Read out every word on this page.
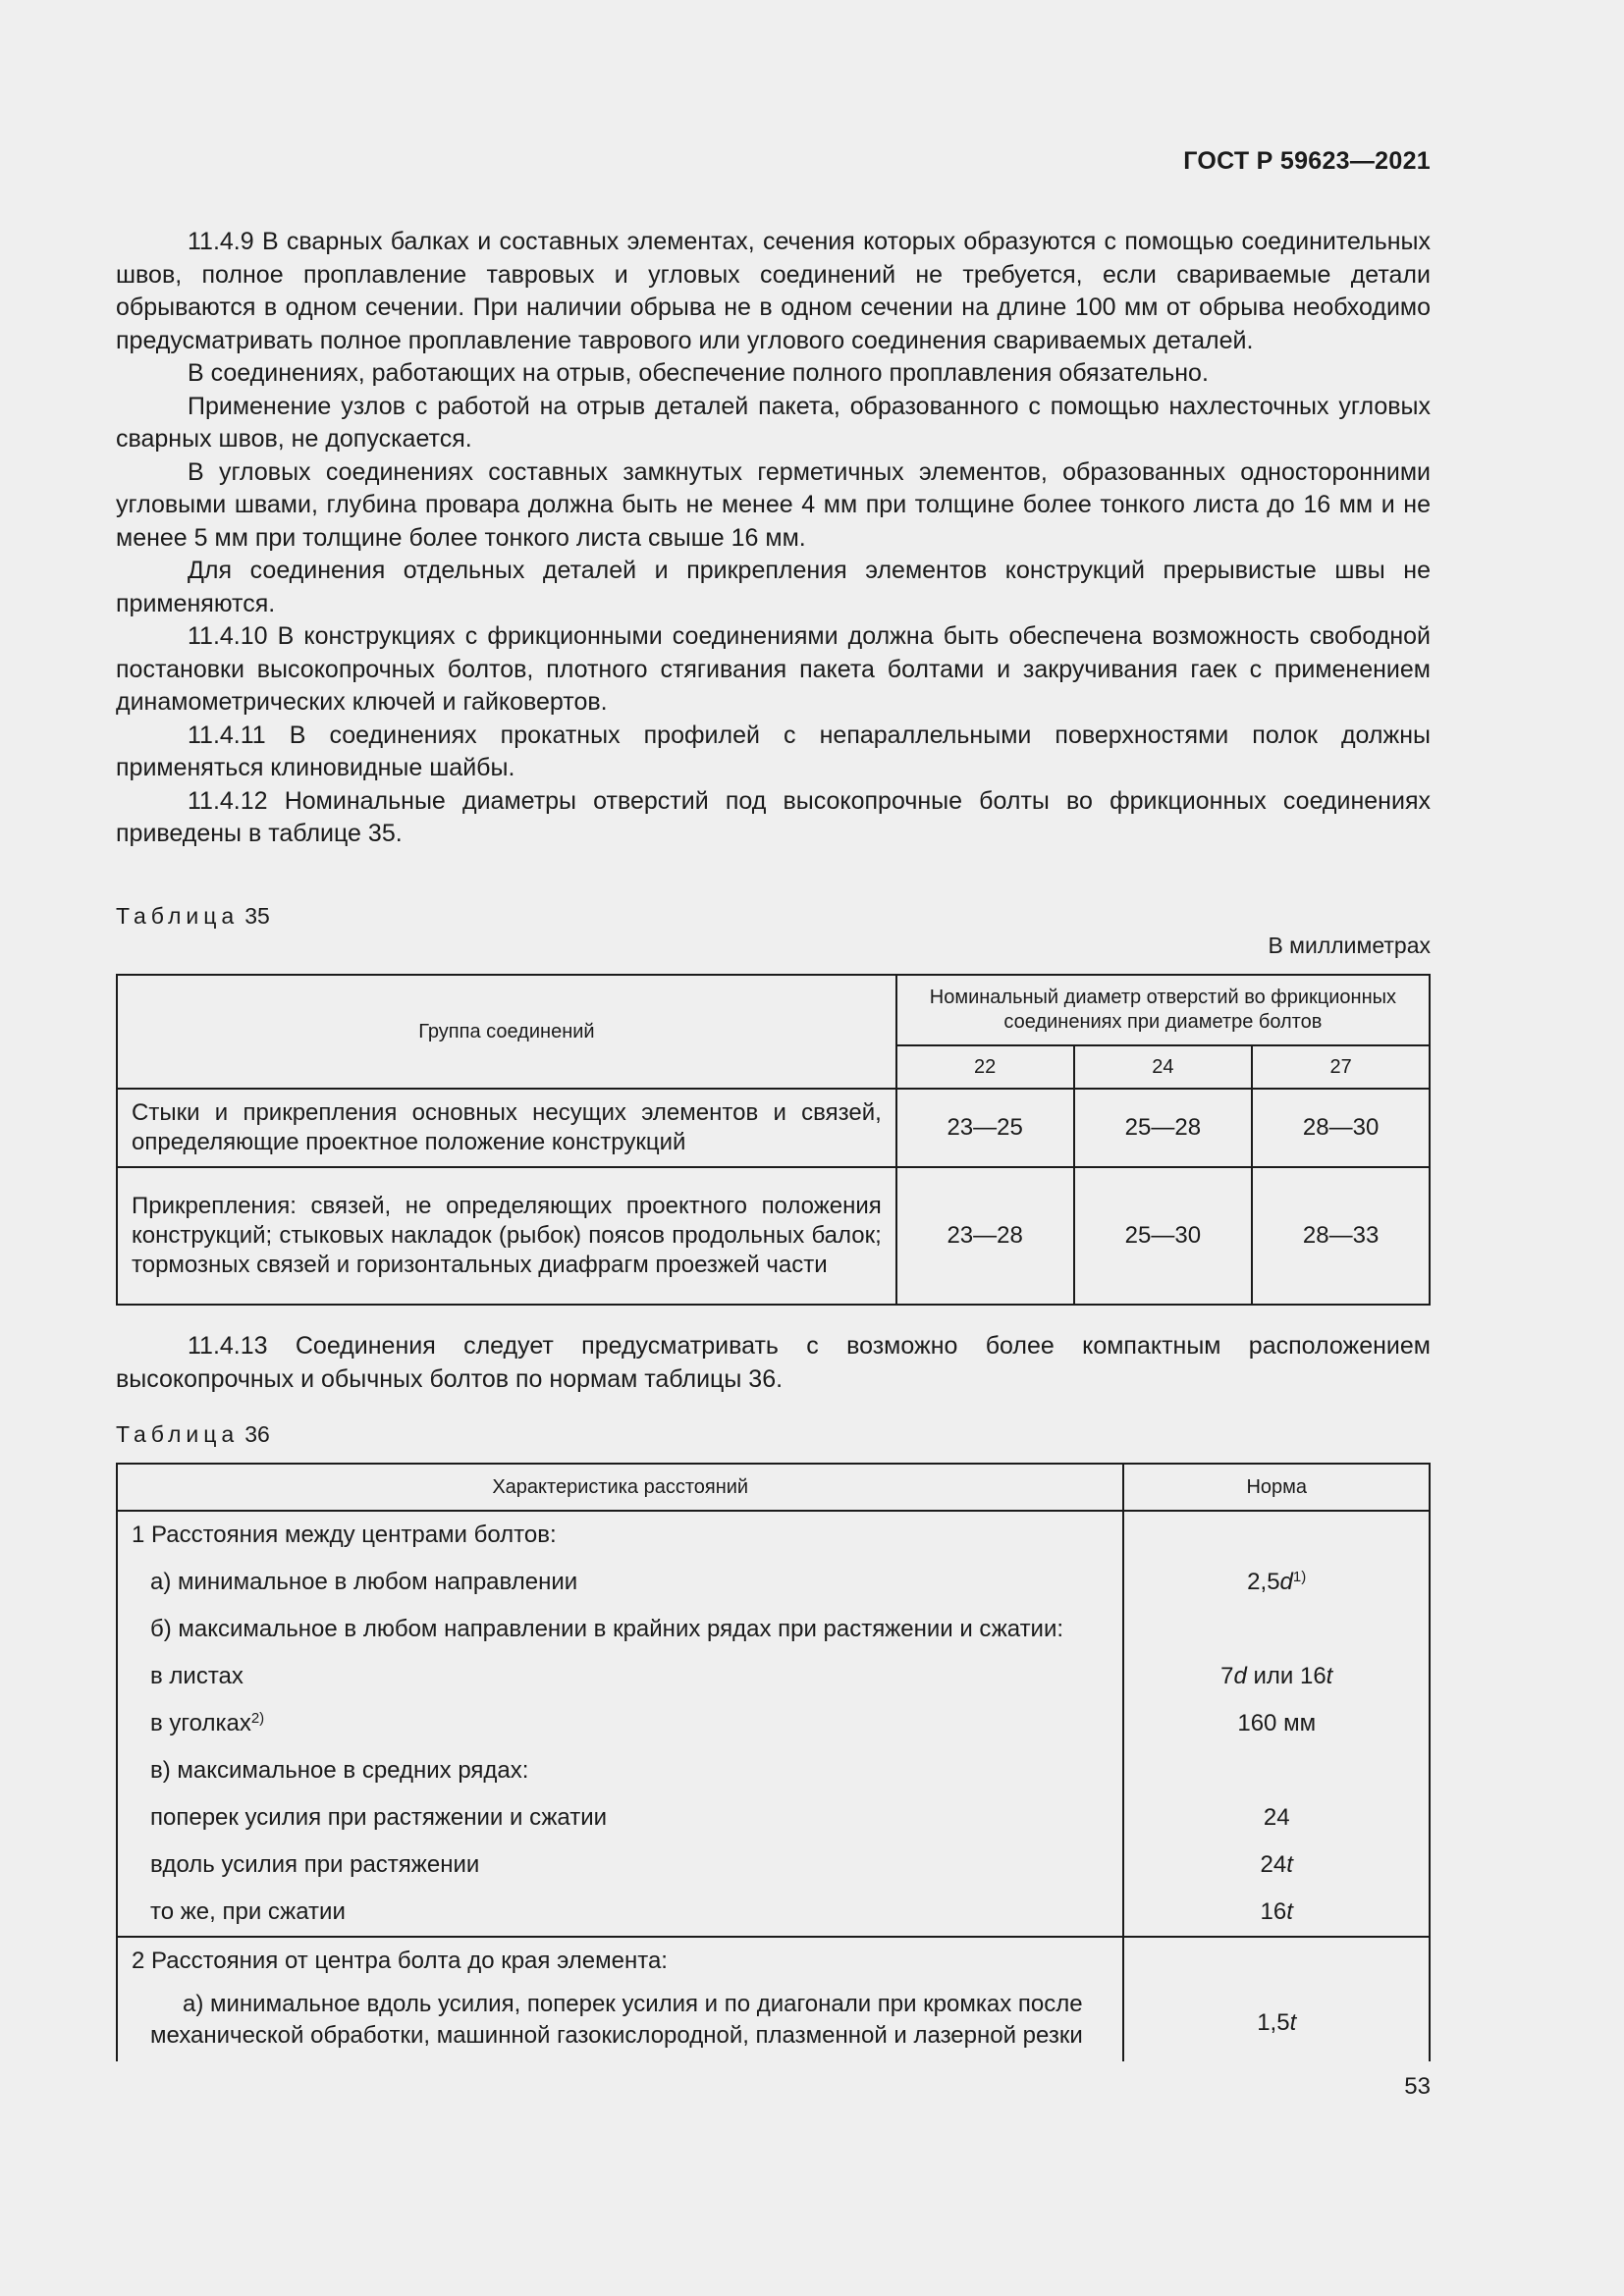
ГОСТ Р 59623—2021

11.4.9 В сварных балках и составных элементах, сечения которых образуются с помощью соединительных швов, полное проплавление тавровых и угловых соединений не требуется, если свариваемые детали обрываются в одном сечении. При наличии обрыва не в одном сечении на длине 100 мм от обрыва необходимо предусматривать полное проплавление таврового или углового соединения свариваемых деталей.

В соединениях, работающих на отрыв, обеспечение полного проплавления обязательно.

Применение узлов с работой на отрыв деталей пакета, образованного с помощью нахлесточных угловых сварных швов, не допускается.

В угловых соединениях составных замкнутых герметичных элементов, образованных односторонними угловыми швами, глубина провара должна быть не менее 4 мм при толщине более тонкого листа до 16 мм и не менее 5 мм при толщине более тонкого листа свыше 16 мм.

Для соединения отдельных деталей и прикрепления элементов конструкций прерывистые швы не применяются.

11.4.10 В конструкциях с фрикционными соединениями должна быть обеспечена возможность свободной постановки высокопрочных болтов, плотного стягивания пакета болтами и закручивания гаек с применением динамометрических ключей и гайковертов.

11.4.11 В соединениях прокатных профилей с непараллельными поверхностями полок должны применяться клиновидные шайбы.

11.4.12 Номинальные диаметры отверстий под высокопрочные болты во фрикционных соединениях приведены в таблице 35.

Таблица 35
В миллиметрах
Группа соединений	Номинальный диаметр отверстий во фрикционных соединениях при диаметре болтов		
	22	24	27
Стыки и прикрепления основных несущих элементов и связей, определяющие проектное положение конструкций	23—25	25—28	28—30
Прикрепления: связей, не определяющих проектного положения конструкций; стыковых накладок (рыбок) поясов продольных балок; тормозных связей и горизонтальных диафрагм проезжей части	23—28	25—30	28—33

11.4.13 Соединения следует предусматривать с возможно более компактным расположением высокопрочных и обычных болтов по нормам таблицы 36.

Таблица 36
Характеристика расстояний	Норма
1 Расстояния между центрами болтов:	
а) минимальное в любом направлении	$2,5d^{1)}$
б) максимальное в любом направлении в крайних рядах при растяжении и сжатии:	
в листах	7d или 16t
в уголках$^{2)}$	160 мм
в) максимальное в средних рядах:	
поперек усилия при растяжении и сжатии	24
вдоль усилия при растяжении	24t
то же, при сжатии	16t
2 Расстояния от центра болта до края элемента:	
а) минимальное вдоль усилия, поперек усилия и по диагонали при кромках после механической обработки, машинной газокислородной, плазменной и лазерной резки	1,5t
53
